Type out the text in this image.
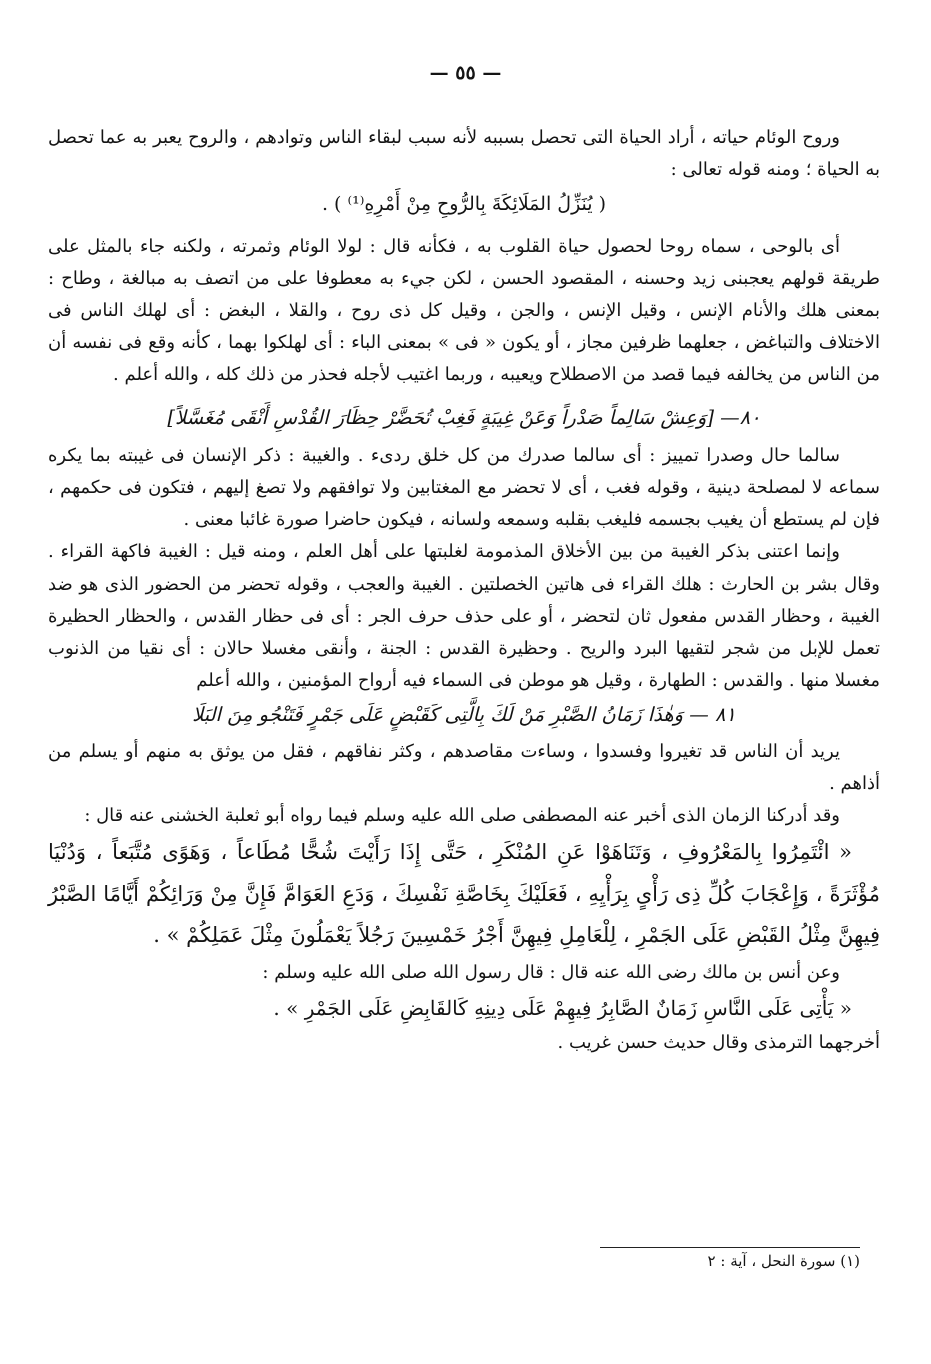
— ٥٥ —

وروح الوئام حياته ، أراد الحياة التى تحصل بسببه لأنه سبب لبقاء الناس وتوادهم ، والروح يعبر به عما تحصل به الحياة ؛ ومنه قوله تعالى :

( يُنَزِّلُ المَلَائِكَةَ بِالرُّوحِ مِنْ أَمْرِهِ⁽¹⁾ ) .

أى بالوحى ، سماه روحا لحصول حياة القلوب به ، فكأنه قال : لولا الوئام وثمرته ، ولكنه جاء بالمثل على طريقة قولهم يعجبنى زيد وحسنه ، المقصود الحسن ، لكن جيء به معطوفا على من اتصف به مبالغة ، وطاح : بمعنى هلك والأنام الإنس ، وقيل الإنس ، والجن ، وقيل كل ذى روح ، والقلا ، البغض : أى لهلك الناس فى الاختلاف والتباغض ، جعلهما ظرفين مجاز ، أو يكون « فى » بمعنى الباء : أى لهلكوا بهما ، كأنه وقع فى نفسه أن من الناس من يخالفه فيما قصد من الاصطلاح ويعيبه ، وربما اغتيب لأجله فحذر من ذلك كله ، والله أعلم .

٨٠— [وَعِشْ سَالِماً صَدْراً وَعَنْ غِيبَةٍ فَغِبْ تُحَضَّرْ حِظَارَ القُدْسِ أَنْقَى مُغَسَّلاً]

سالما حال وصدرا تمييز : أى سالما صدرك من كل خلق ردىء . والغيبة : ذكر الإنسان فى غيبته بما يكره سماعه لا لمصلحة دينية ، وقوله فغب ، أى لا تحضر مع المغتابين ولا توافقهم ولا تصغ إليهم ، فتكون فى حكمهم ، فإن لم يستطع أن يغيب بجسمه فليغب بقلبه وسمعه ولسانه ، فيكون حاضرا صورة غائبا معنى .

وإنما اعتنى بذكر الغيبة من بين الأخلاق المذمومة لغلبتها على أهل العلم ، ومنه قيل : الغيبة فاكهة القراء . وقال بشر بن الحارث : هلك القراء فى هاتين الخصلتين . الغيبة والعجب ، وقوله تحضر من الحضور الذى هو ضد الغيبة ، وحظار القدس مفعول ثان لتحضر ، أو على حذف حرف الجر : أى فى حظار القدس ، والحظار الحظيرة تعمل للإبل من شجر لتقيها البرد والريح . وحظيرة القدس : الجنة ، وأنقى مغسلا حالان : أى نقيا من الذنوب مغسلا منها . والقدس : الطهارة ، وقيل هو موطن فى السماء فيه أرواح المؤمنين ، والله أعلم

٨١ — وَهٰذَا زَمَانُ الصَّبْرِ مَنْ لَكَ بِالَّتِى كَقَبْضٍ عَلَى جَمْرٍ فَتَنْجُو مِنَ البَلَا

يريد أن الناس قد تغيروا وفسدوا ، وساءت مقاصدهم ، وكثر نفاقهم ، فقل من يوثق به منهم أو يسلم من أذاهم .

وقد أدركنا الزمان الذى أخبر عنه المصطفى صلى الله عليه وسلم فيما رواه أبو ثعلبة الخشنى عنه قال :

« ائْتَمِرُوا بِالمَعْرُوفِ ، وَتَنَاهَوْا عَنِ المُنْكَرِ ، حَتَّى إِذَا رَأَيْتَ شُحًّا مُطَاعاً ، وَهَوًى مُتَّبَعاً ، وَدُنْيَا مُؤْثَرَةً ، وَإِعْجَابَ كُلِّ ذِى رَأْىٍ بِرَأْيِهِ ، فَعَلَيْكَ بِخَاصَّةِ نَفْسِكَ ، وَدَعِ العَوَامَّ فَإِنَّ مِنْ وَرَائِكُمْ أَيَّامًا الصَّبْرُ فِيهِنَّ مِثْلُ القَبْضِ عَلَى الجَمْرِ ، لِلْعَامِلِ فِيهِنَّ أَجْرُ خَمْسِينَ رَجُلاً يَعْمَلُونَ مِثْلَ عَمَلِكُمْ » .

وعن أنس بن مالك رضى الله عنه قال : قال رسول الله صلى الله عليه وسلم :

« يَأْتِى عَلَى النَّاسِ زَمَانٌ الصَّابِرُ فِيهِمْ عَلَى دِينِهِ كَالقَابِضِ عَلَى الجَمْرِ » .

أخرجهما الترمذى وقال حديث حسن غريب .

(١) سورة النحل ، آية : ٢
